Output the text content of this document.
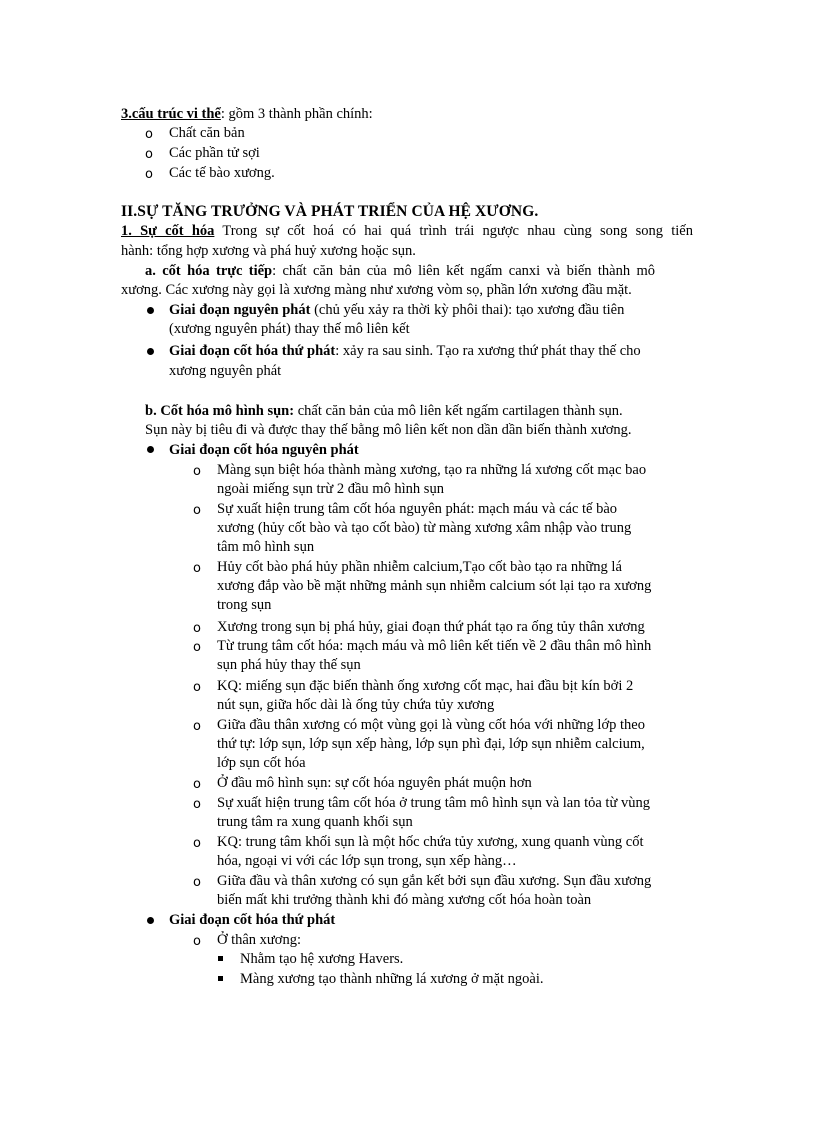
3.cấu trúc vi thể: gồm 3 thành phần chính:
o Chất căn bản
o Các phần tử sợi
o Các tế bào xương.
II.SỰ TĂNG TRƯỞNG VÀ PHÁT TRIỂN CỦA HỆ XƯƠNG.
1. Sự cốt hóa Trong sự cốt hoá có hai quá trình trái ngược nhau cùng song song tiến
hành: tổng hợp xương và phá huỷ xương hoặc sụn.
a. cốt hóa trực tiếp: chất căn bản của mô liên kết ngấm canxi và biến thành mô
xương. Các xương này gọi là xương màng như xương vòm sọ, phần lớn xương đầu mặt.
Giai đoạn nguyên phát (chủ yếu xảy ra thời kỳ phôi thai): tạo xương đầu tiên
(xương nguyên phát) thay thế mô liên kết
Giai đoạn cốt hóa thứ phát: xảy ra sau sinh. Tạo ra xương thứ phát thay thế cho
xương nguyên phát
b. Cốt hóa mô hình sụn: chất căn bản của mô liên kết ngấm cartilagen thành sụn.
Sụn này bị tiêu đi và được thay thế bằng mô liên kết non dần dần biến thành xương.
Giai đoạn cốt hóa nguyên phát
o Màng sụn biệt hóa thành màng xương, tạo ra những lá xương cốt mạc bao
ngoài miếng sụn trừ 2 đầu mô hình sụn
o Sự xuất hiện trung tâm cốt hóa nguyên phát: mạch máu và các tế bào
xương (hủy cốt bào và tạo cốt bào) từ màng xương xâm nhập vào trung
tâm mô hình sụn
o Hủy cốt bào phá hủy phần nhiễm calcium,Tạo cốt bào tạo ra những lá
xương đắp vào bề mặt những mảnh sụn nhiễm calcium sót lại tạo ra xương
trong sụn
o Xương trong sụn bị phá hủy, giai đoạn thứ phát tạo ra ống tủy thân xương
o Từ trung tâm cốt hóa: mạch máu và mô liên kết tiến về 2 đầu thân mô hình
sụn phá hủy thay thế sụn
o KQ: miếng sụn đặc biến thành ống xương cốt mạc, hai đầu bịt kín bởi 2
nút sụn, giữa hốc dài là ống tủy chứa tủy xương
o Giữa đầu thân xương có một vùng gọi là vùng cốt hóa với những lớp theo
thứ tự: lớp sụn, lớp sụn xếp hàng, lớp sụn phì đại, lớp sụn nhiễm calcium,
lớp sụn cốt hóa
o Ở đầu mô hình sụn: sự cốt hóa nguyên phát muộn hơn
o Sự xuất hiện trung tâm cốt hóa ở trung tâm mô hình sụn và lan tỏa từ vùng
trung tâm ra xung quanh khối sụn
o KQ: trung tâm khối sụn là một hốc chứa tủy xương, xung quanh vùng cốt
hóa, ngoại vi với các lớp sụn trong, sụn xếp hàng…
o Giữa đầu và thân xương có sụn gắn kết bởi sụn đầu xương. Sụn đầu xương
biến mất khi trưởng thành khi đó màng xương cốt hóa hoàn toàn
Giai đoạn cốt hóa thứ phát
o Ở thân xương:
Nhằm tạo hệ xương Havers.
Màng xương tạo thành những lá xương ở mặt ngoài.
